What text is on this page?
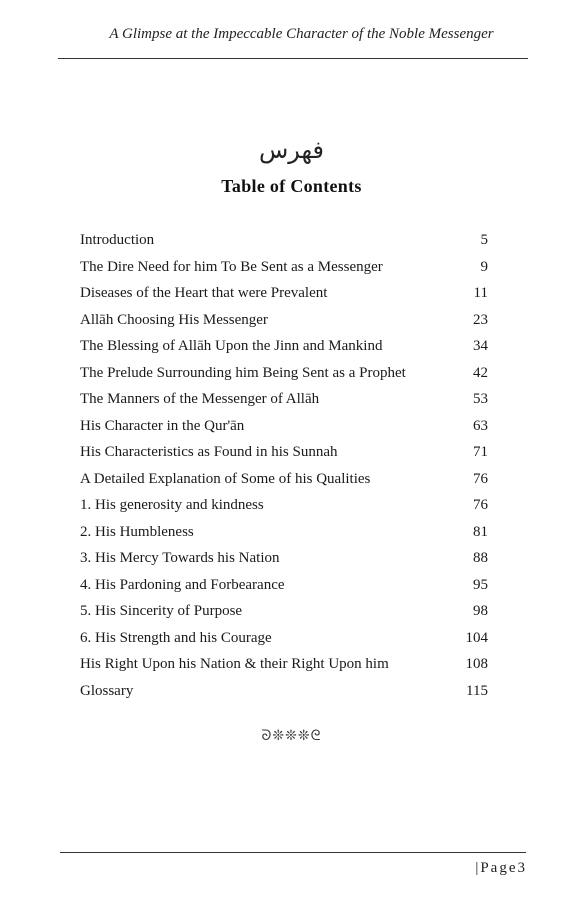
A Glimpse at the Impeccable Character of the Noble Messenger
فهرس
Table of Contents
Introduction	5
The Dire Need for him To Be Sent as a Messenger	9
Diseases of the Heart that were Prevalent	11
Allāh Choosing His Messenger	23
The Blessing of Allāh Upon the Jinn and Mankind	34
The Prelude Surrounding him Being Sent as a Prophet	42
The Manners of the Messenger of Allāh	53
His Character in the Qur'ān	63
His Characteristics as Found in his Sunnah	71
A Detailed Explanation of Some of his Qualities	76
1. His generosity and kindness	76
2. His Humbleness	81
3. His Mercy Towards his Nation	88
4. His Pardoning and Forbearance	95
5. His Sincerity of Purpose	98
6. His Strength and his Courage	104
His Right Upon his Nation & their Right Upon him	108
Glossary	115
ᘐ❊❊❊ᘓ
|Page3
